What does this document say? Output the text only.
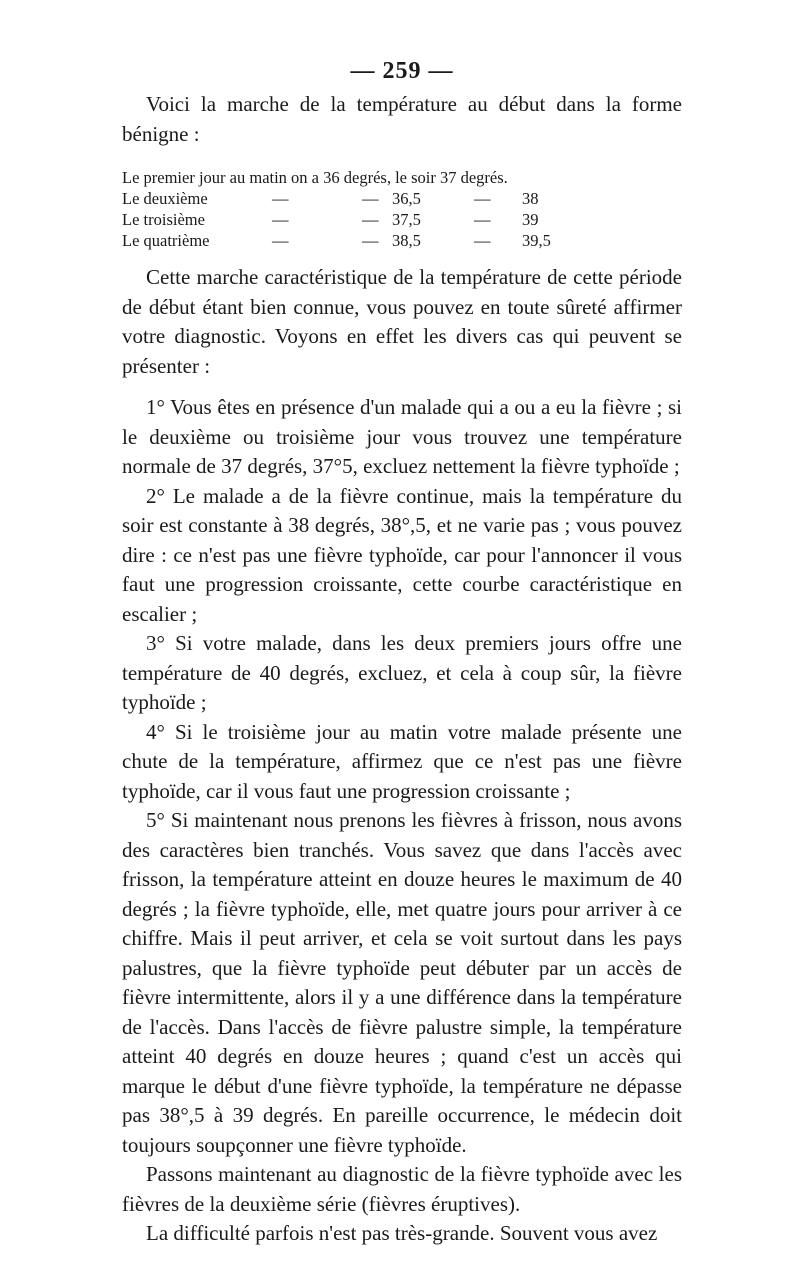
— 259 —

Voici la marche de la température au début dans la forme bénigne :

Le premier jour au matin on a 36 degrés, le soir 37 degrés.					
Le deuxième	—	—	36,5	—	38
Le troisième	—	—	37,5	—	39
Le quatrième	—	—	38,5	—	39,5

Cette marche caractéristique de la température de cette période de début étant bien connue, vous pouvez en toute sûreté affirmer votre diagnostic. Voyons en effet les divers cas qui peuvent se présenter :

1° Vous êtes en présence d'un malade qui a ou a eu la fièvre ; si le deuxième ou troisième jour vous trouvez une température normale de 37 degrés, 37°5, excluez nettement la fièvre typhoïde ;

2° Le malade a de la fièvre continue, mais la température du soir est constante à 38 degrés, 38°,5, et ne varie pas ; vous pouvez dire : ce n'est pas une fièvre typhoïde, car pour l'annoncer il vous faut une progression croissante, cette courbe caractéristique en escalier ;

3° Si votre malade, dans les deux premiers jours offre une température de 40 degrés, excluez, et cela à coup sûr, la fièvre typhoïde ;

4° Si le troisième jour au matin votre malade présente une chute de la température, affirmez que ce n'est pas une fièvre typhoïde, car il vous faut une progression croissante ;

5° Si maintenant nous prenons les fièvres à frisson, nous avons des caractères bien tranchés. Vous savez que dans l'accès avec frisson, la température atteint en douze heures le maximum de 40 degrés ; la fièvre typhoïde, elle, met quatre jours pour arriver à ce chiffre. Mais il peut arriver, et cela se voit surtout dans les pays palustres, que la fièvre typhoïde peut débuter par un accès de fièvre intermittente, alors il y a une différence dans la température de l'accès. Dans l'accès de fièvre palustre simple, la température atteint 40 degrés en douze heures ; quand c'est un accès qui marque le début d'une fièvre typhoïde, la température ne dépasse pas 38°,5 à 39 degrés. En pareille occurrence, le médecin doit toujours soupçonner une fièvre typhoïde.

Passons maintenant au diagnostic de la fièvre typhoïde avec les fièvres de la deuxième série (fièvres éruptives).

La difficulté parfois n'est pas très-grande. Souvent vous avez
